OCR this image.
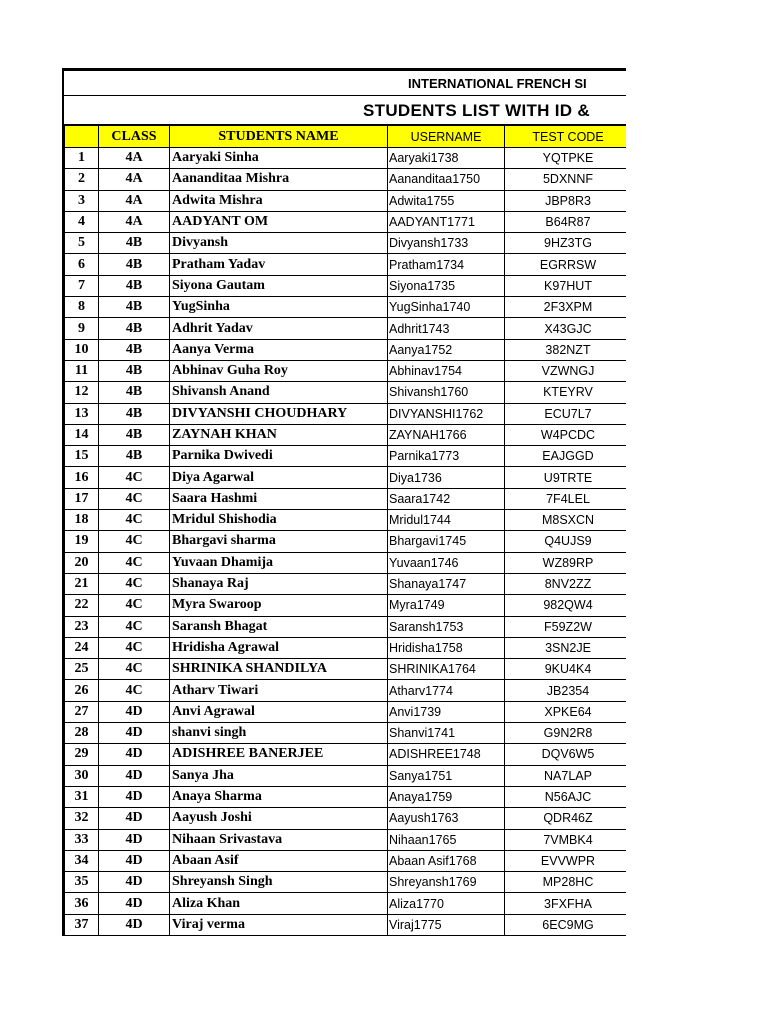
INTERNATIONAL FRENCH SI
STUDENTS LIST WITH ID &
	CLASS	STUDENTS NAME	USERNAME	TEST CODE
1	4A	Aaryaki Sinha	Aaryaki1738	YQTPKE
2	4A	Aananditaa Mishra	Aananditaa1750	5DXNNF
3	4A	Adwita Mishra	Adwita1755	JBP8R3
4	4A	AADYANT OM	AADYANT1771	B64R87
5	4B	Divyansh	Divyansh1733	9HZ3TG
6	4B	Pratham Yadav	Pratham1734	EGRRSW
7	4B	Siyona Gautam	Siyona1735	K97HUT
8	4B	YugSinha	YugSinha1740	2F3XPM
9	4B	Adhrit Yadav	Adhrit1743	X43GJC
10	4B	Aanya Verma	Aanya1752	382NZT
11	4B	Abhinav Guha Roy	Abhinav1754	VZWNGJ
12	4B	Shivansh Anand	Shivansh1760	KTEYRV
13	4B	DIVYANSHI CHOUDHARY	DIVYANSHI1762	ECU7L7
14	4B	ZAYNAH KHAN	ZAYNAH1766	W4PCDC
15	4B	Parnika Dwivedi	Parnika1773	EAJGGD
16	4C	Diya Agarwal	Diya1736	U9TRTE
17	4C	Saara Hashmi	Saara1742	7F4LEL
18	4C	Mridul Shishodia	Mridul1744	M8SXCN
19	4C	Bhargavi sharma	Bhargavi1745	Q4UJS9
20	4C	Yuvaan Dhamija	Yuvaan1746	WZ89RP
21	4C	Shanaya Raj	Shanaya1747	8NV2ZZ
22	4C	Myra Swaroop	Myra1749	982QW4
23	4C	Saransh Bhagat	Saransh1753	F59Z2W
24	4C	Hridisha Agrawal	Hridisha1758	3SN2JE
25	4C	SHRINIKA SHANDILYA	SHRINIKA1764	9KU4K4
26	4C	Atharv Tiwari	Atharv1774	JB2354
27	4D	Anvi Agrawal	Anvi1739	XPKE64
28	4D	shanvi singh	Shanvi1741	G9N2R8
29	4D	ADISHREE BANERJEE	ADISHREE1748	DQV6W5
30	4D	Sanya Jha	Sanya1751	NA7LAP
31	4D	Anaya Sharma	Anaya1759	N56AJC
32	4D	Aayush Joshi	Aayush1763	QDR46Z
33	4D	Nihaan Srivastava	Nihaan1765	7VMBK4
34	4D	Abaan Asif	Abaan Asif1768	EVVWPR
35	4D	Shreyansh Singh	Shreyansh1769	MP28HC
36	4D	Aliza Khan	Aliza1770	3FXFHA
37	4D	Viraj verma	Viraj1775	6EC9MG
